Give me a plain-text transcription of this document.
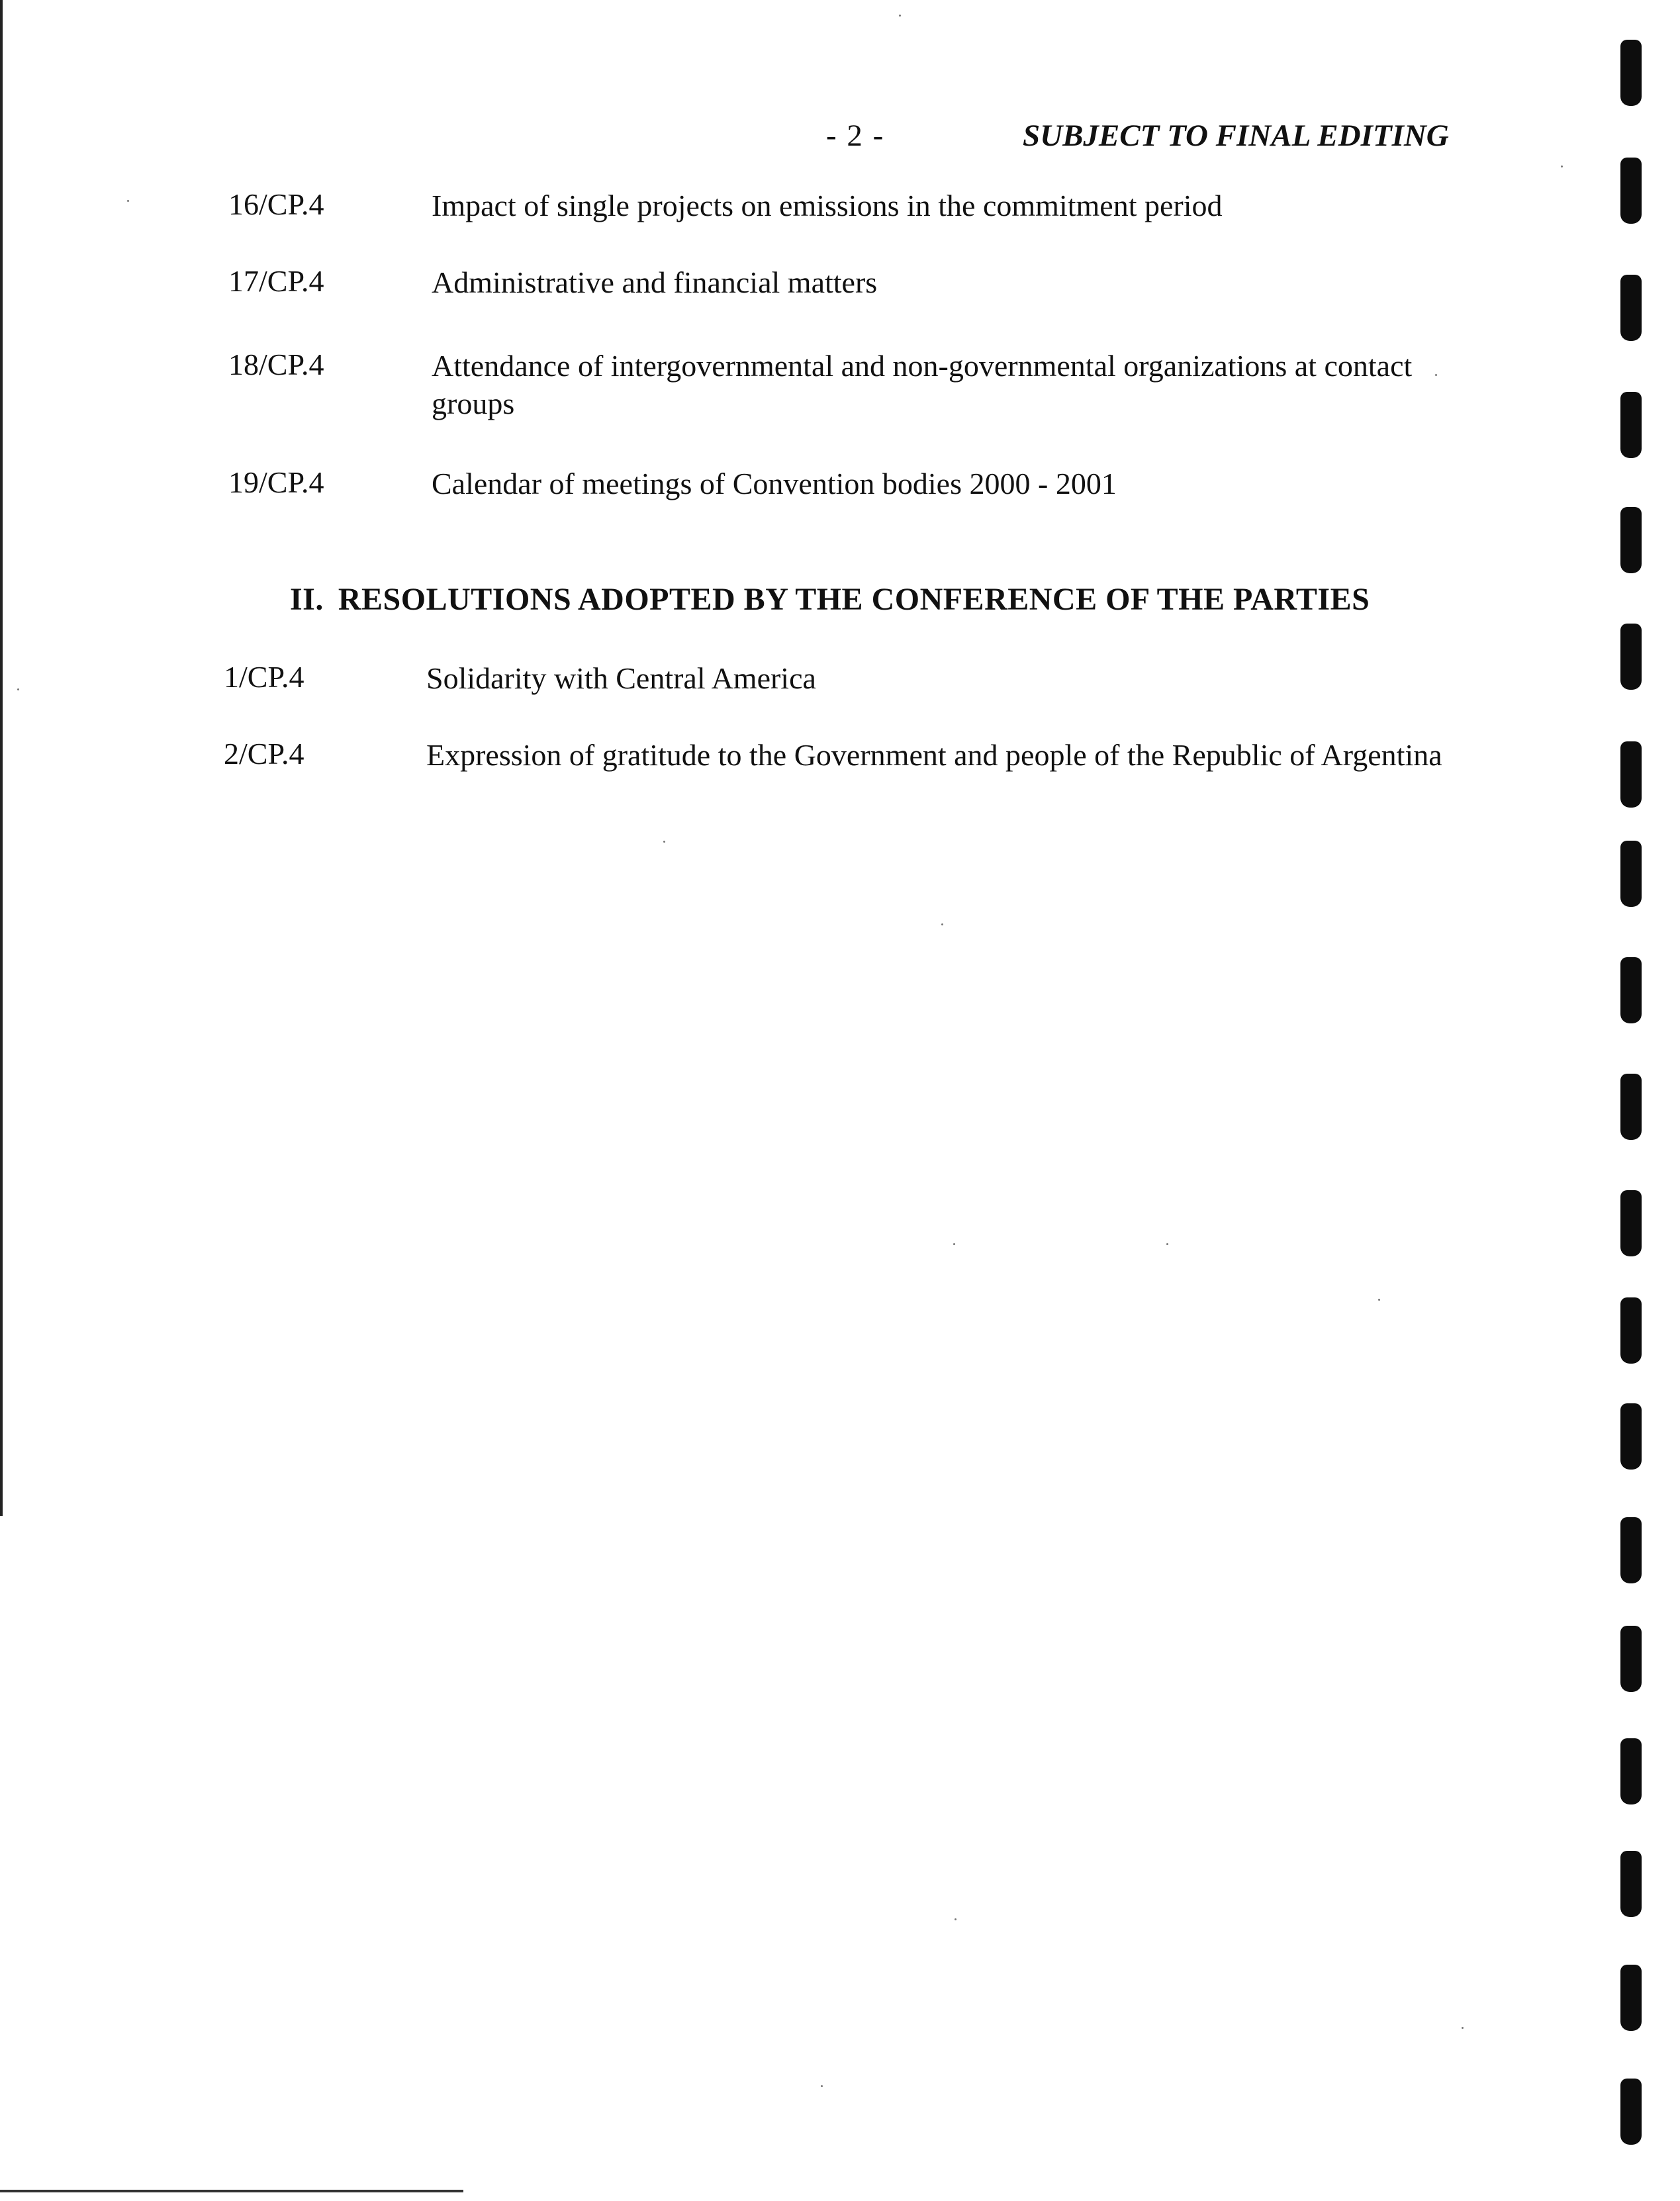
- 2 -	SUBJECT TO FINAL EDITING
16/CP.4	Impact of single projects on emissions in the commitment period
17/CP.4	Administrative and financial matters
18/CP.4	Attendance of intergovernmental and non-governmental organizations at contact groups
19/CP.4	Calendar of meetings of Convention bodies 2000 - 2001
II. RESOLUTIONS ADOPTED BY THE CONFERENCE OF THE PARTIES
1/CP.4	Solidarity with Central America
2/CP.4	Expression of gratitude to the Government and people of the Republic of Argentina
